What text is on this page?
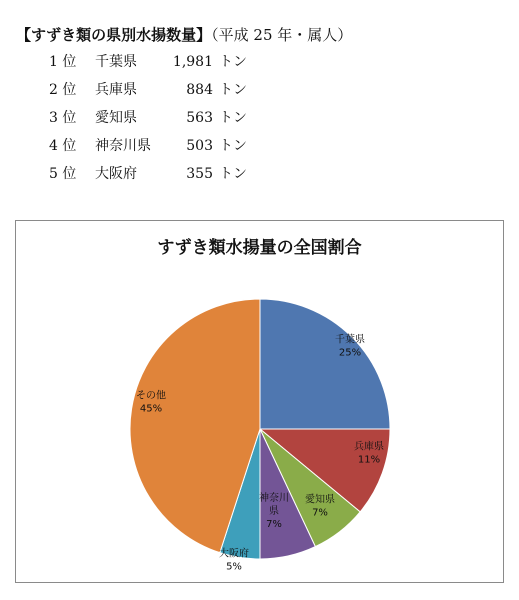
【すずき類の県別水揚数量】（平成 25 年・属人）
1 位	千葉県	1,981 トン
2 位	兵庫県	884 トン
3 位	愛知県	563 トン
4 位	神奈川県	503 トン
5 位	大阪府	355 トン
すずき類水揚量の全国割合
千葉県 25%
兵庫県 11%
愛知県 7%
神奈川県 7%
大阪府 5%
その他 45%
